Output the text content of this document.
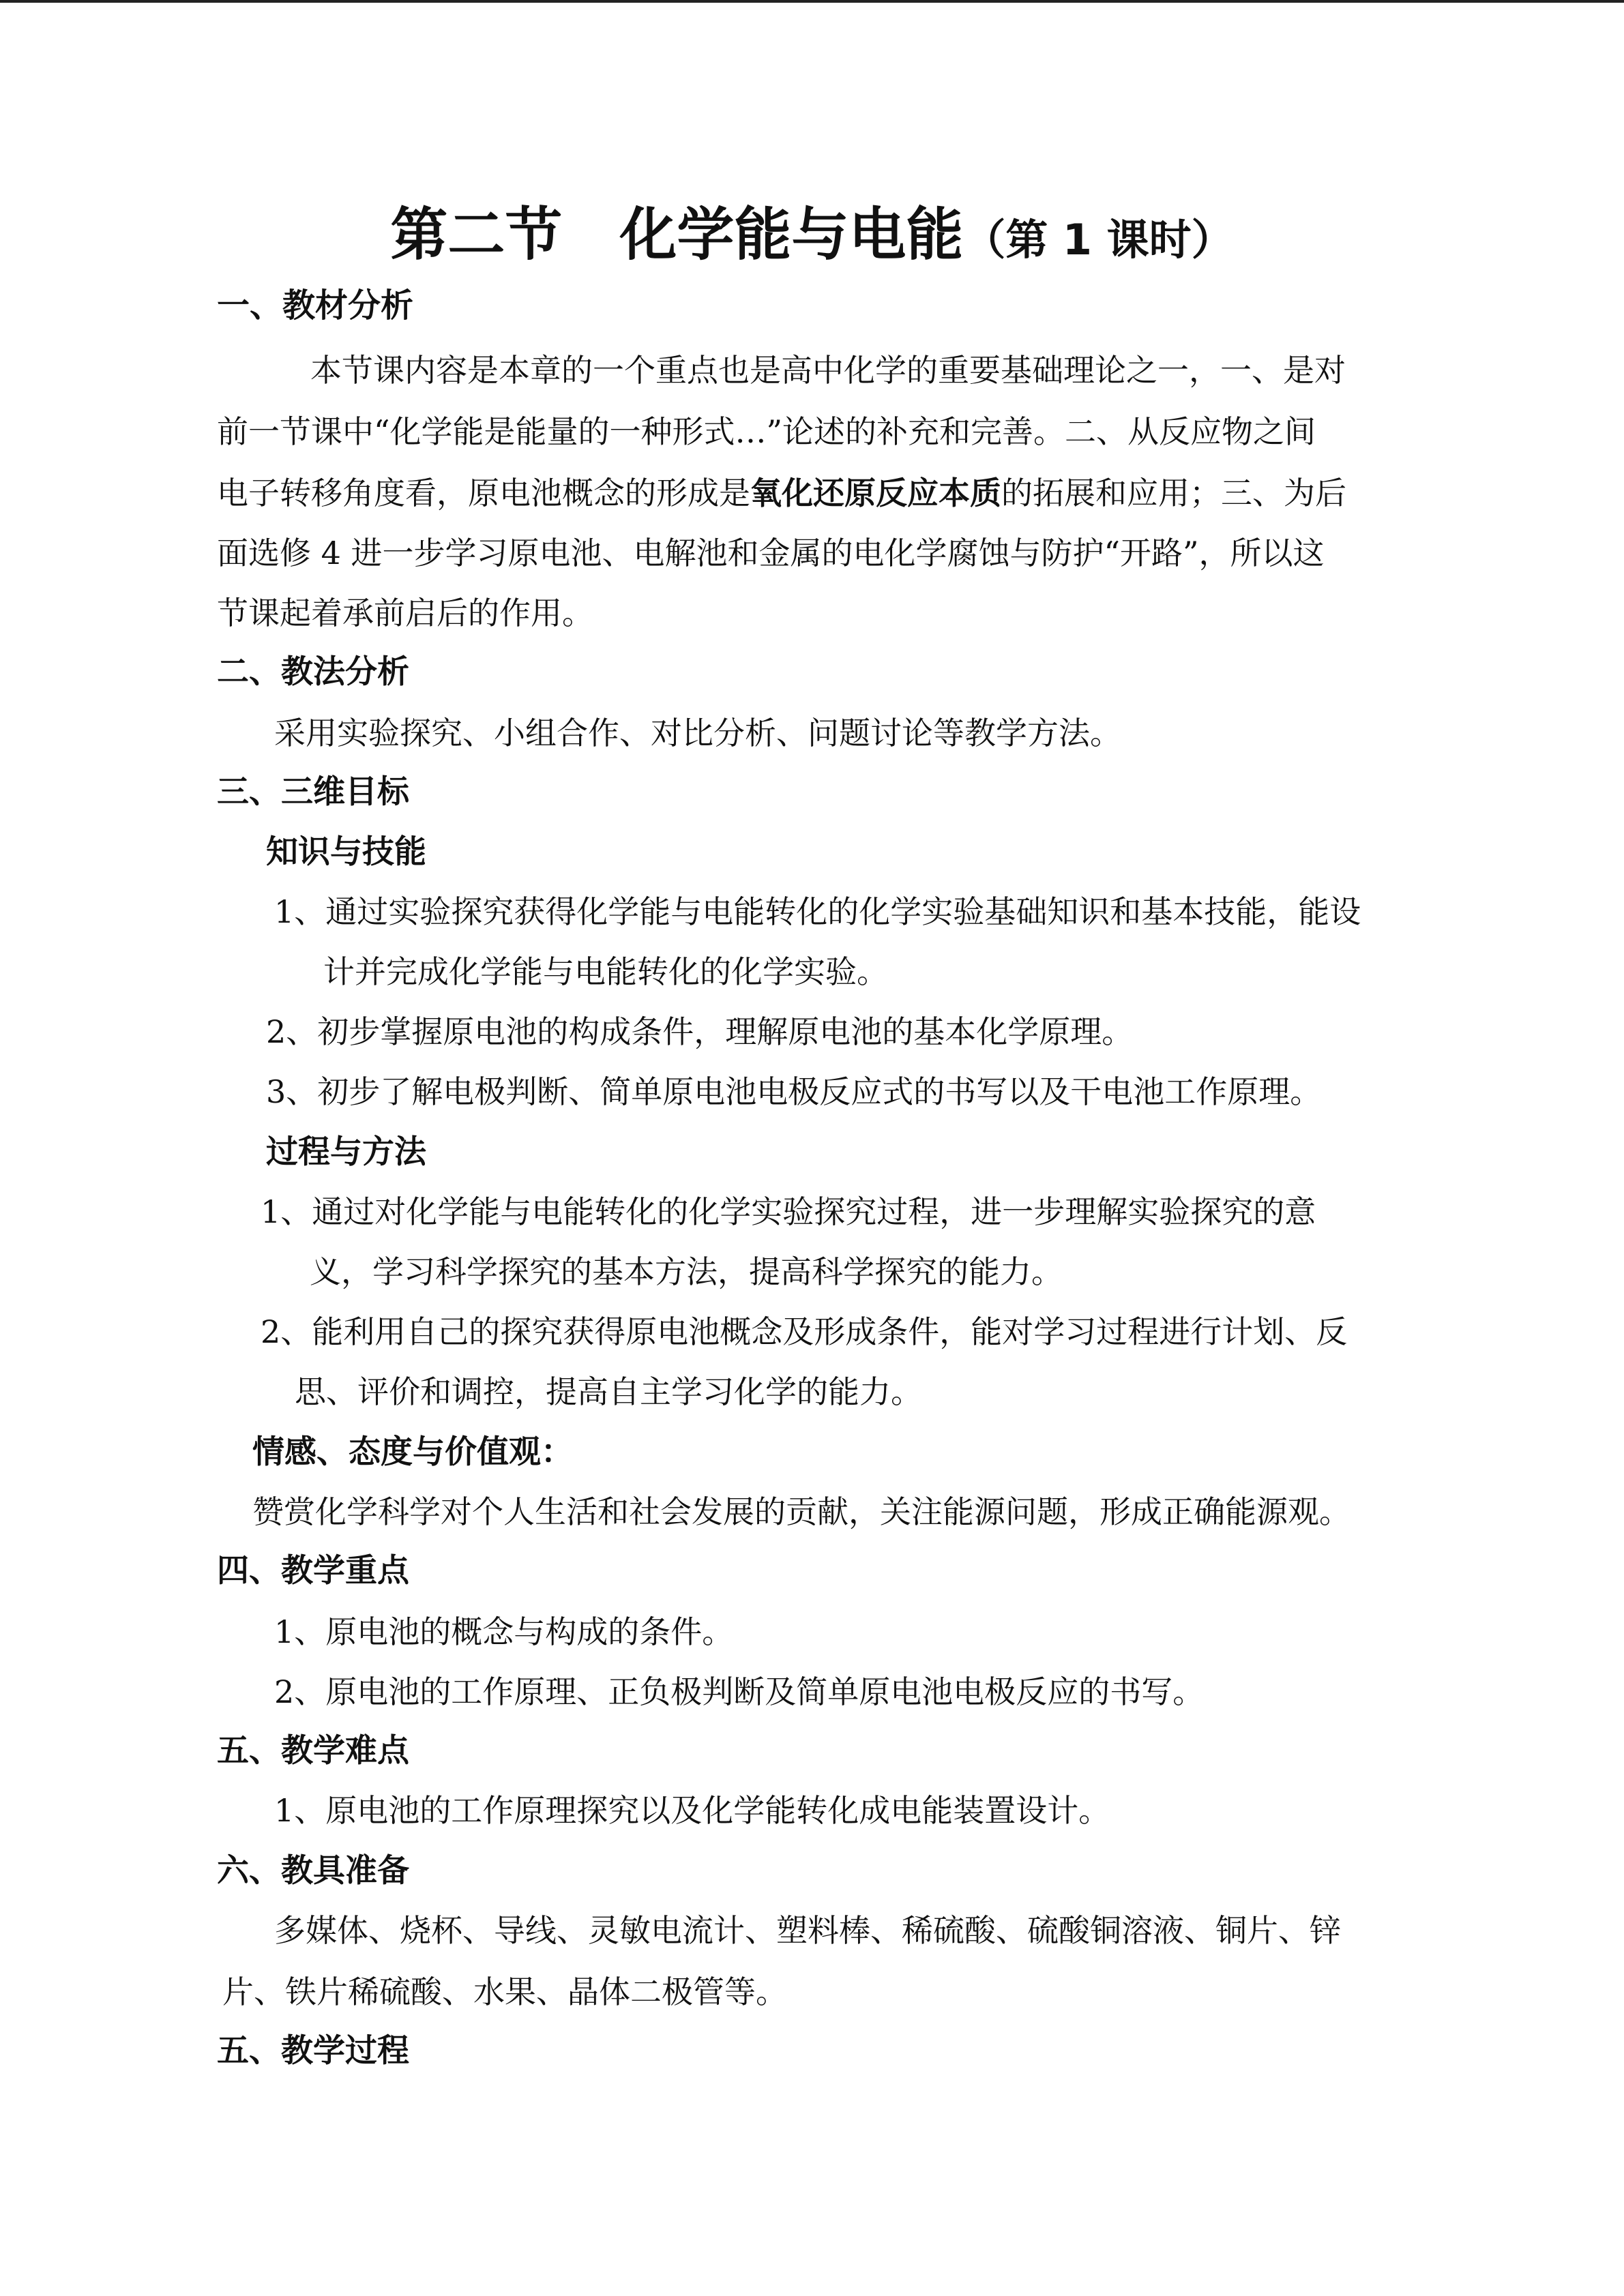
第二节　化学能与电能（第 1 课时）
一、教材分析
本节课内容是本章的一个重点也是高中化学的重要基础理论之一，一、是对
前一节课中“化学能是能量的一种形式…”论述的补充和完善。二、从反应物之间
电子转移角度看，原电池概念的形成是氧化还原反应本质的拓展和应用；三、为后
面选修 4 进一步学习原电池、电解池和金属的电化学腐蚀与防护“开路”，所以这
节课起着承前启后的作用。
二、教法分析
采用实验探究、小组合作、对比分析、问题讨论等教学方法。
三、三维目标
知识与技能
1、通过实验探究获得化学能与电能转化的化学实验基础知识和基本技能，能设
计并完成化学能与电能转化的化学实验。
2、初步掌握原电池的构成条件，理解原电池的基本化学原理。
3、初步了解电极判断、简单原电池电极反应式的书写以及干电池工作原理。
过程与方法
1、通过对化学能与电能转化的化学实验探究过程，进一步理解实验探究的意
义，学习科学探究的基本方法，提高科学探究的能力。
2、能利用自己的探究获得原电池概念及形成条件，能对学习过程进行计划、反
思、评价和调控，提高自主学习化学的能力。
情感、态度与价值观：
赞赏化学科学对个人生活和社会发展的贡献，关注能源问题，形成正确能源观。
四、教学重点
1、原电池的概念与构成的条件。
2、原电池的工作原理、正负极判断及简单原电池电极反应的书写。
五、教学难点
1、原电池的工作原理探究以及化学能转化成电能装置设计。
六、教具准备
多媒体、烧杯、导线、灵敏电流计、塑料棒、稀硫酸、硫酸铜溶液、铜片、锌
片、铁片稀硫酸、水果、晶体二极管等。
五、教学过程
